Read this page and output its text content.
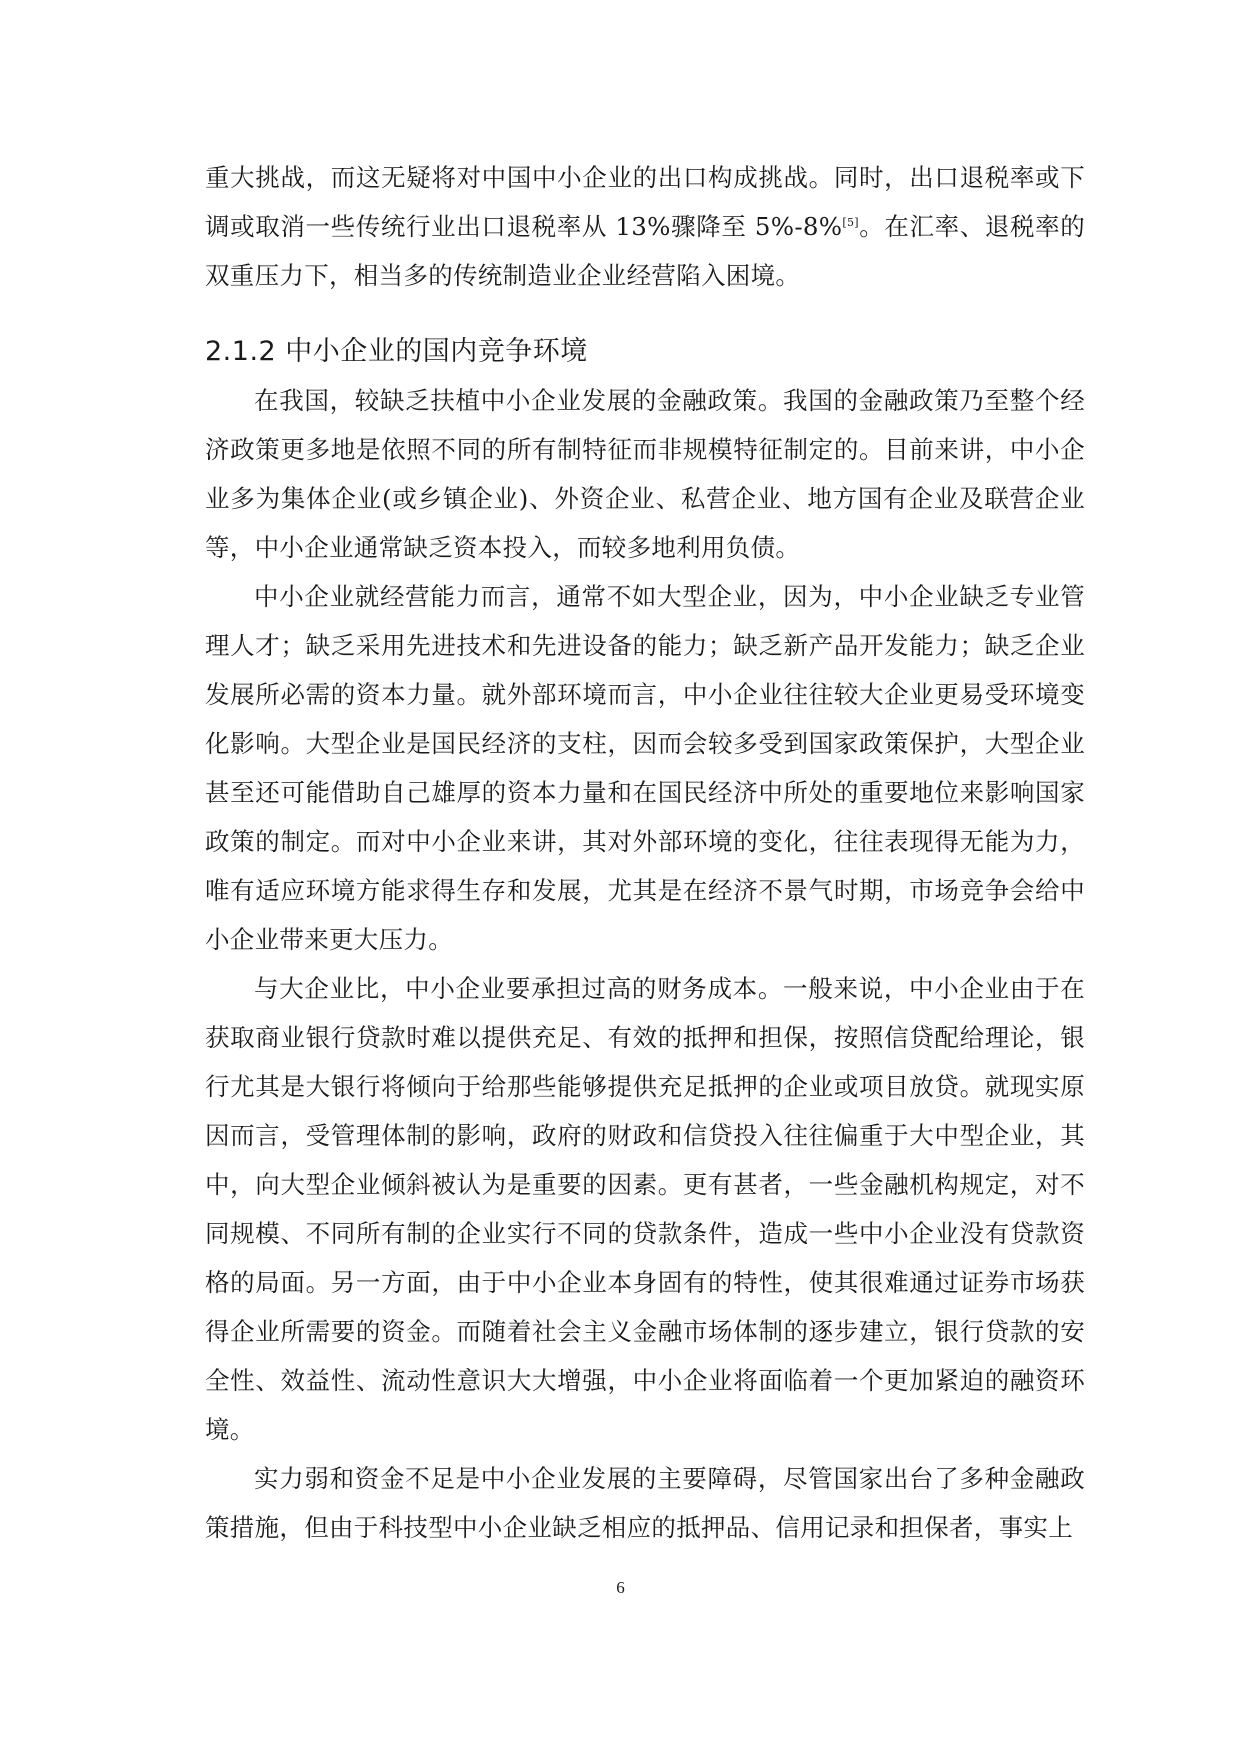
重大挑战，而这无疑将对中国中小企业的出口构成挑战。同时，出口退税率或下调或取消一些传统行业出口退税率从 13%骤降至 5%-8%[5]。在汇率、退税率的双重压力下，相当多的传统制造业企业经营陷入困境。

2.1.2 中小企业的国内竞争环境

在我国，较缺乏扶植中小企业发展的金融政策。我国的金融政策乃至整个经济政策更多地是依照不同的所有制特征而非规模特征制定的。目前来讲，中小企业多为集体企业(或乡镇企业)、外资企业、私营企业、地方国有企业及联营企业等，中小企业通常缺乏资本投入，而较多地利用负债。

中小企业就经营能力而言，通常不如大型企业，因为，中小企业缺乏专业管理人才；缺乏采用先进技术和先进设备的能力；缺乏新产品开发能力；缺乏企业发展所必需的资本力量。就外部环境而言，中小企业往往较大企业更易受环境变化影响。大型企业是国民经济的支柱，因而会较多受到国家政策保护，大型企业甚至还可能借助自己雄厚的资本力量和在国民经济中所处的重要地位来影响国家政策的制定。而对中小企业来讲，其对外部环境的变化，往往表现得无能为力，唯有适应环境方能求得生存和发展，尤其是在经济不景气时期，市场竞争会给中小企业带来更大压力。

与大企业比，中小企业要承担过高的财务成本。一般来说，中小企业由于在获取商业银行贷款时难以提供充足、有效的抵押和担保，按照信贷配给理论，银行尤其是大银行将倾向于给那些能够提供充足抵押的企业或项目放贷。就现实原因而言，受管理体制的影响，政府的财政和信贷投入往往偏重于大中型企业，其中，向大型企业倾斜被认为是重要的因素。更有甚者，一些金融机构规定，对不同规模、不同所有制的企业实行不同的贷款条件，造成一些中小企业没有贷款资格的局面。另一方面，由于中小企业本身固有的特性，使其很难通过证券市场获得企业所需要的资金。而随着社会主义金融市场体制的逐步建立，银行贷款的安全性、效益性、流动性意识大大增强，中小企业将面临着一个更加紧迫的融资环境。

实力弱和资金不足是中小企业发展的主要障碍，尽管国家出台了多种金融政策措施，但由于科技型中小企业缺乏相应的抵押品、信用记录和担保者，事实上

6
